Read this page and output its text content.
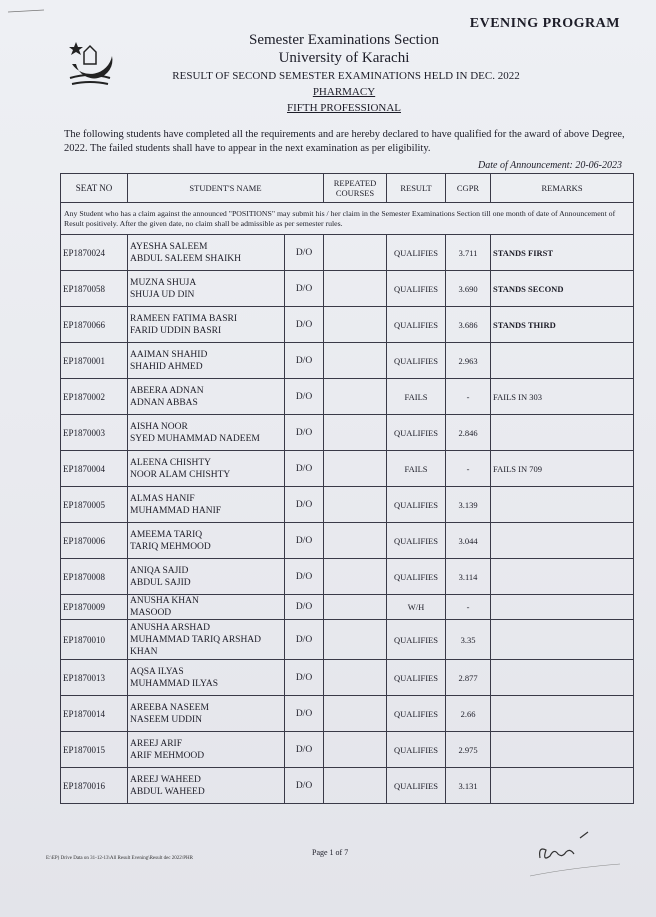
EVENING PROGRAM
Semester Examinations Section
University of Karachi
RESULT OF SECOND SEMESTER EXAMINATIONS HELD IN DEC. 2022
PHARMACY
FIFTH PROFESSIONAL
The following students have completed all the requirements and are hereby declared to have qualified for the award of above Degree, 2022. The failed students shall have to appear in the next examination as per eligibility.
Date of Announcement: 20-06-2023
SEAT NO	STUDENT'S NAME		REPEATED COURSES	RESULT	CGPR	REMARKS
Any Student who has a claim against the announced "POSITIONS" may submit his / her claim in the Semester Examinations Section till one month of date of Announcement of Result positively. After the given date, no claim shall be admissible as per semester rules.						
EP1870024	AYESHA SALEEM
ABDUL SALEEM SHAIKH	D/O		QUALIFIES	3.711	STANDS FIRST
EP1870058	MUZNA SHUJA
SHUJA UD DIN	D/O		QUALIFIES	3.690	STANDS SECOND
EP1870066	RAMEEN FATIMA BASRI
FARID UDDIN BASRI	D/O		QUALIFIES	3.686	STANDS THIRD
EP1870001	AAIMAN SHAHID
SHAHID AHMED	D/O		QUALIFIES	2.963	
EP1870002	ABEERA ADNAN
ADNAN ABBAS	D/O		FAILS	-	FAILS IN 303
EP1870003	AISHA NOOR
SYED MUHAMMAD NADEEM	D/O		QUALIFIES	2.846	
EP1870004	ALEENA CHISHTY
NOOR ALAM CHISHTY	D/O		FAILS	-	FAILS IN 709
EP1870005	ALMAS HANIF
MUHAMMAD HANIF	D/O		QUALIFIES	3.139	
EP1870006	AMEEMA TARIQ
TARIQ MEHMOOD	D/O		QUALIFIES	3.044	
EP1870008	ANIQA SAJID
ABDUL SAJID	D/O		QUALIFIES	3.114	
EP1870009	ANUSHA KHAN
MASOOD	D/O		W/H	-	
EP1870010	ANUSHA ARSHAD
MUHAMMAD TARIQ ARSHAD KHAN	D/O		QUALIFIES	3.35	
EP1870013	AQSA ILYAS
MUHAMMAD ILYAS	D/O		QUALIFIES	2.877	
EP1870014	AREEBA NASEEM
NASEEM UDDIN	D/O		QUALIFIES	2.66	
EP1870015	AREEJ ARIF
ARIF MEHMOOD	D/O		QUALIFIES	2.975	
EP1870016	AREEJ WAHEED
ABDUL WAHEED	D/O		QUALIFIES	3.131	
E:\EP) Drive Data on 31-12-13\All Result Evening\Result dec 2022\PHR
Page 1 of 7
